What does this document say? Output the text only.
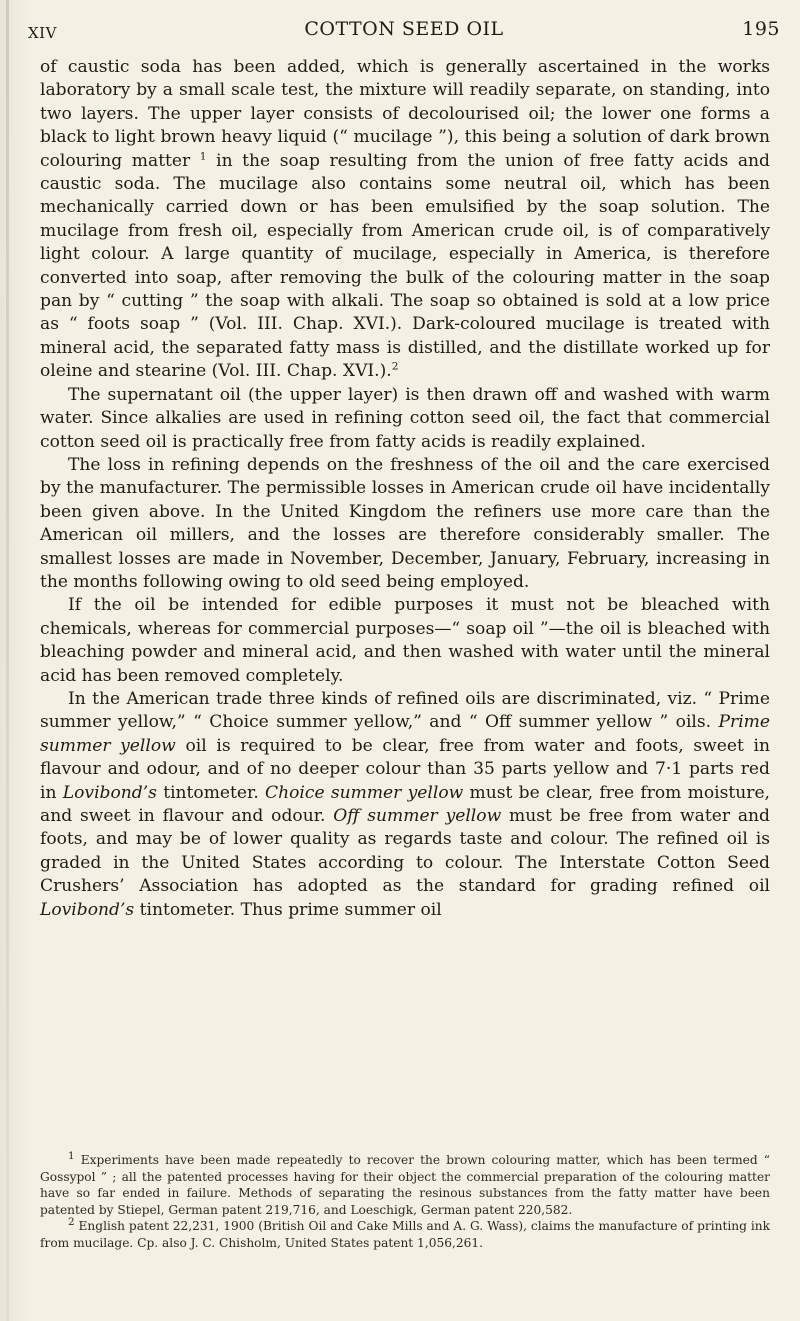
XIV	COTTON SEED OIL	195

of caustic soda has been added, which is generally ascertained in the works laboratory by a small scale test, the mixture will readily separate, on standing, into two layers. The upper layer consists of decolourised oil; the lower one forms a black to light brown heavy liquid (“ mucilage ”), this being a solution of dark brown colouring matter $^1$ in the soap resulting from the union of free fatty acids and caustic soda. The mucilage also contains some neutral oil, which has been mechanically carried down or has been emulsified by the soap solution. The mucilage from fresh oil, especially from American crude oil, is of comparatively light colour. A large quantity of mucilage, especially in America, is therefore converted into soap, after removing the bulk of the colouring matter in the soap pan by “ cutting ” the soap with alkali. The soap so obtained is sold at a low price as “ foots soap ” (Vol. III. Chap. XVI.). Dark-coloured mucilage is treated with mineral acid, the separated fatty mass is distilled, and the distillate worked up for oleine and stearine (Vol. III. Chap. XVI.).$^2$

The supernatant oil (the upper layer) is then drawn off and washed with warm water. Since alkalies are used in refining cotton seed oil, the fact that commercial cotton seed oil is practically free from fatty acids is readily explained.

The loss in refining depends on the freshness of the oil and the care exercised by the manufacturer. The permissible losses in American crude oil have incidentally been given above. In the United Kingdom the refiners use more care than the American oil millers, and the losses are therefore considerably smaller. The smallest losses are made in November, December, January, February, increasing in the months following owing to old seed being employed.

If the oil be intended for edible purposes it must not be bleached with chemicals, whereas for commercial purposes—“ soap oil ”—the oil is bleached with bleaching powder and mineral acid, and then washed with water until the mineral acid has been removed completely.

In the American trade three kinds of refined oils are discriminated, viz. “ Prime summer yellow,” “ Choice summer yellow,” and “ Off summer yellow ” oils. Prime summer yellow oil is required to be clear, free from water and foots, sweet in flavour and odour, and of no deeper colour than 35 parts yellow and 7·1 parts red in Lovibond’s tintometer. Choice summer yellow must be clear, free from moisture, and sweet in flavour and odour. Off summer yellow must be free from water and foots, and may be of lower quality as regards taste and colour. The refined oil is graded in the United States according to colour. The Interstate Cotton Seed Crushers’ Association has adopted as the standard for grading refined oil Lovibond’s tintometer. Thus prime summer oil

$^1$ Experiments have been made repeatedly to recover the brown colouring matter, which has been termed “ Gossypol ” ; all the patented processes having for their object the commercial preparation of the colouring matter have so far ended in failure. Methods of separating the resinous substances from the fatty matter have been patented by Stiepel, German patent 219,716, and Loeschigk, German patent 220,582.

$^2$ English patent 22,231, 1900 (British Oil and Cake Mills and A. G. Wass), claims the manufacture of printing ink from mucilage. Cp. also J. C. Chisholm, United States patent 1,056,261.
